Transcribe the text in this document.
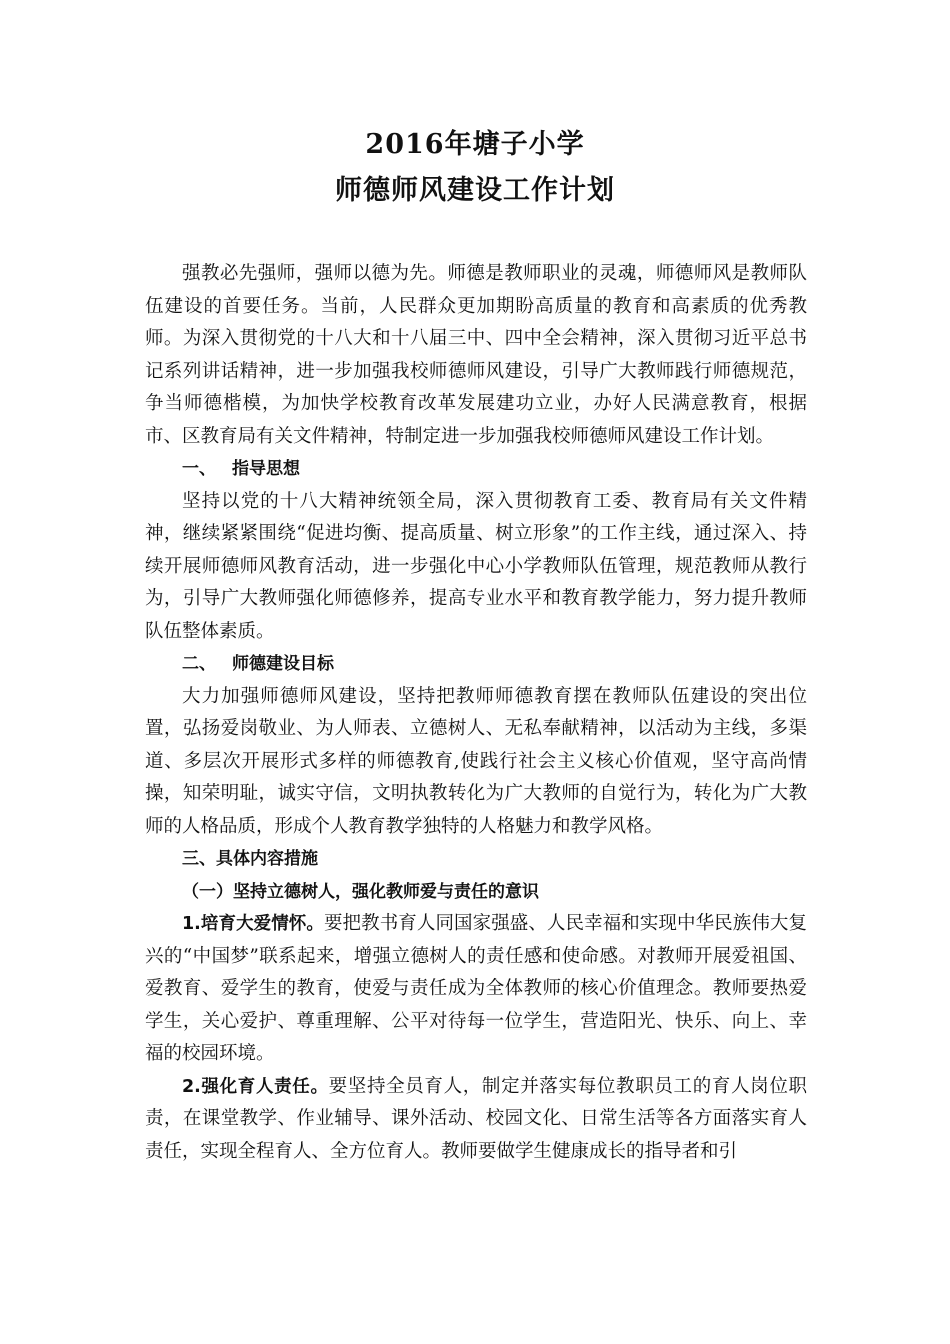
2016年塘子小学
师德师风建设工作计划

强教必先强师，强师以德为先。师德是教师职业的灵魂，师德师风是教师队伍建设的首要任务。当前，人民群众更加期盼高质量的教育和高素质的优秀教师。为深入贯彻党的十八大和十八届三中、四中全会精神，深入贯彻习近平总书记系列讲话精神，进一步加强我校师德师风建设，引导广大教师践行师德规范，争当师德楷模，为加快学校教育改革发展建功立业，办好人民满意教育，根据市、区教育局有关文件精神，特制定进一步加强我校师德师风建设工作计划。

一、 指导思想

坚持以党的十八大精神统领全局，深入贯彻教育工委、教育局有关文件精神，继续紧紧围绕“促进均衡、提高质量、树立形象”的工作主线，通过深入、持续开展师德师风教育活动，进一步强化中心小学教师队伍管理，规范教师从教行为，引导广大教师强化师德修养，提高专业水平和教育教学能力，努力提升教师队伍整体素质。

二、 师德建设目标

大力加强师德师风建设，坚持把教师师德教育摆在教师队伍建设的突出位置，弘扬爱岗敬业、为人师表、立德树人、无私奉献精神，以活动为主线，多渠道、多层次开展形式多样的师德教育,使践行社会主义核心价值观，坚守高尚情操，知荣明耻，诚实守信，文明执教转化为广大教师的自觉行为，转化为广大教师的人格品质，形成个人教育教学独特的人格魅力和教学风格。

三、具体内容措施

（一）坚持立德树人，强化教师爱与责任的意识

1.培育大爱情怀。要把教书育人同国家强盛、人民幸福和实现中华民族伟大复兴的“中国梦”联系起来，增强立德树人的责任感和使命感。对教师开展爱祖国、爱教育、爱学生的教育，使爱与责任成为全体教师的核心价值理念。教师要热爱学生，关心爱护、尊重理解、公平对待每一位学生，营造阳光、快乐、向上、幸福的校园环境。

2.强化育人责任。要坚持全员育人，制定并落实每位教职员工的育人岗位职责，在课堂教学、作业辅导、课外活动、校园文化、日常生活等各方面落实育人责任，实现全程育人、全方位育人。教师要做学生健康成长的指导者和引
